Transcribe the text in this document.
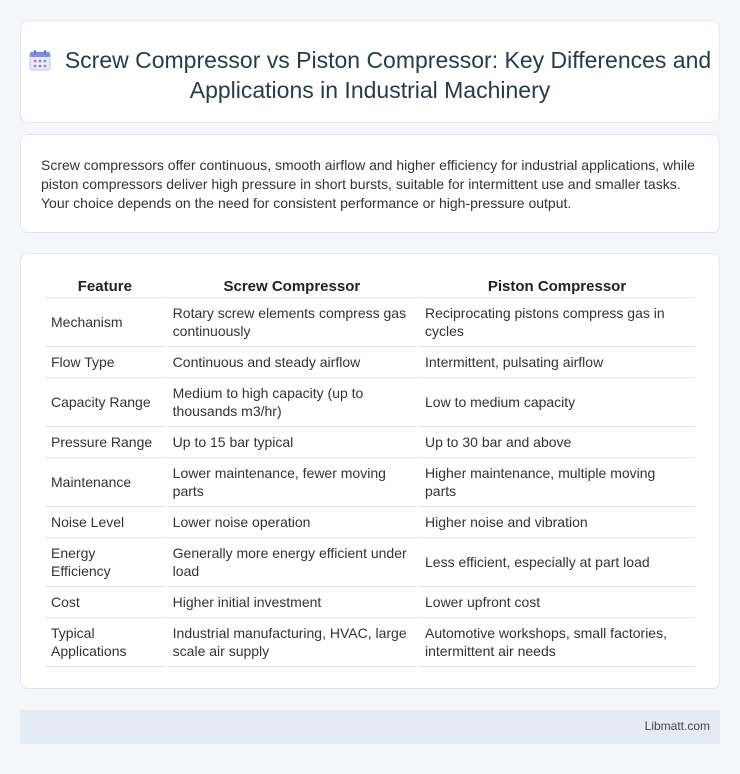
Screw Compressor vs Piston Compressor: Key Differences and Applications in Industrial Machinery

Screw compressors offer continuous, smooth airflow and higher efficiency for industrial applications, while piston compressors deliver high pressure in short bursts, suitable for intermittent use and smaller tasks. Your choice depends on the need for consistent performance or high-pressure output.

Feature	Screw Compressor	Piston Compressor
Mechanism	Rotary screw elements compress gas continuously	Reciprocating pistons compress gas in cycles
Flow Type	Continuous and steady airflow	Intermittent, pulsating airflow
Capacity Range	Medium to high capacity (up to thousands m3/hr)	Low to medium capacity
Pressure Range	Up to 15 bar typical	Up to 30 bar and above
Maintenance	Lower maintenance, fewer moving parts	Higher maintenance, multiple moving parts
Noise Level	Lower noise operation	Higher noise and vibration
Energy Efficiency	Generally more energy efficient under load	Less efficient, especially at part load
Cost	Higher initial investment	Lower upfront cost
Typical Applications	Industrial manufacturing, HVAC, large scale air supply	Automotive workshops, small factories, intermittent air needs
Libmatt.com
